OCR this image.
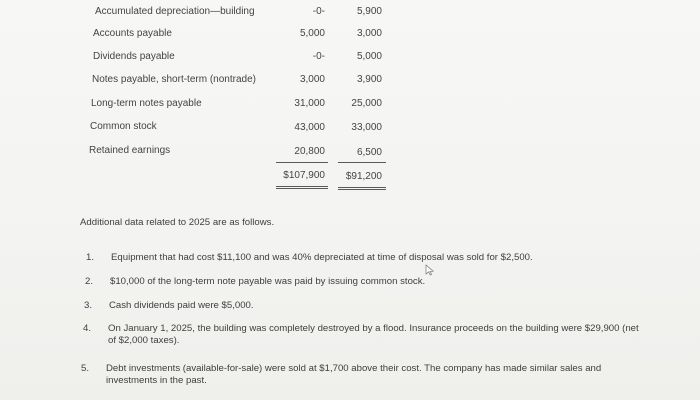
Accumulated depreciation—building	-0-	5,900
Accounts payable	5,000	3,000
Dividends payable	-0-	5,000
Notes payable, short-term (nontrade)	3,000	3,900
Long-term notes payable	31,000	25,000
Common stock	43,000	33,000
Retained earnings	20,800	6,500
$107,900	$91,200
Additional data related to 2025 are as follows.
1. Equipment that had cost $11,100 and was 40% depreciated at time of disposal was sold for $2,500.
2. $10,000 of the long-term note payable was paid by issuing common stock.
3. Cash dividends paid were $5,000.
4. On January 1, 2025, the building was completely destroyed by a flood. Insurance proceeds on the building were $29,900 (net
of $2,000 taxes).
5. Debt investments (available-for-sale) were sold at $1,700 above their cost. The company has made similar sales and
investments in the past.
